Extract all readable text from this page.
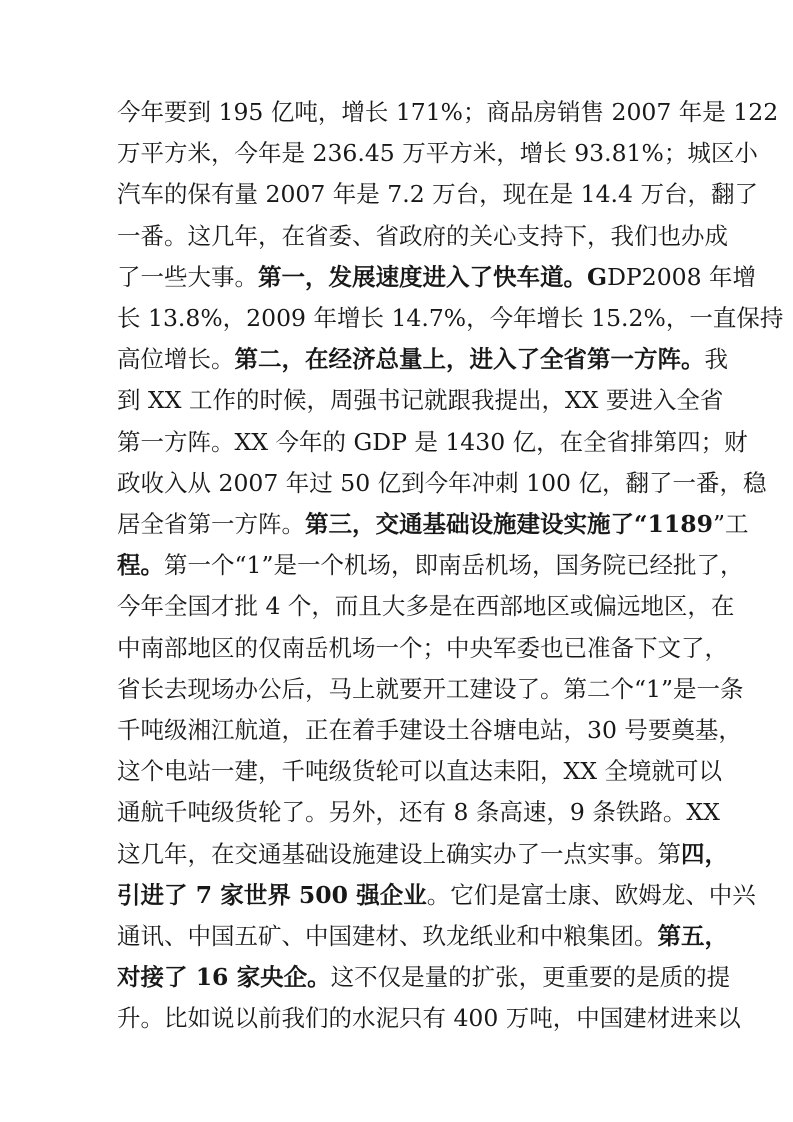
今 年 要 到
1 9 5
亿 吨 ， 增 长
1 7 1 % ； 商 品 房 销 售
2 0 0 7
年 是
1 2 2
万 平 方 米 ， 今 年 是
2 3 6 . 4 5
万 平 方 米 ， 增 长
9 3 . 8 1 % ； 城 区 小
汽 车 的 保 有 量
2 0 0 7
年 是
7 . 2
万 台 ， 现 在 是
1 4 . 4
万 台 ， 翻 了
一 番 。 这 几 年 ， 在 省 委 、 省 政 府 的 关 心 支 持 下 ， 我 们 也 办 成
了 一 些 大 事 。 第 一 ， 发 展 速 度 进 入 了 快 车 道 。 G D P 2 0 0 8
年 增
长
1 3 . 8 % ， 2 0 0 9
年 增 长
1 4 . 7 % ， 今 年 增 长
1 5 . 2 % ， 一 直 保 持
高 位 增 长 。 第 二 ， 在 经 济 总 量 上 ， 进 入 了 全 省 第 一 方 阵 。 我
到
X X
工 作 的 时 候 ， 周 强 书 记 就 跟 我 提 出 ， X X
要 进 入 全 省
第 一 方 阵 。 X X
今 年 的
G D P
是
1 4 3 0
亿 ， 在 全 省 排 第 四 ； 财
政 收 入 从
2 0 0 7
年 过
5 0
亿 到 今 年 冲 刺
1 0 0
亿 ， 翻 了 一 番 ， 稳
居 全 省 第 一 方 阵 。 第 三 ， 交 通 基 础 设 施 建 设 实 施 了 “ 1 1 8 9 ” 工
程 。 第 一 个 “ 1 ” 是 一 个 机 场 ， 即 南 岳 机 场 ， 国 务 院 已 经 批 了 ，
今 年 全 国 才 批
4
个 ， 而 且 大 多 是 在 西 部 地 区 或 偏 远 地 区 ， 在
中 南 部 地 区 的 仅 南 岳 机 场 一 个 ； 中 央 军 委 也 已 准 备 下 文 了 ，
省 长 去 现 场 办 公 后 ， 马 上 就 要 开 工 建 设 了 。 第 二 个 “ 1 ” 是 一 条
千 吨 级 湘 江 航 道 ， 正 在 着 手 建 设 土 谷 塘 电 站 ， 3 0
号 要 奠 基 ，
这 个 电 站 一 建 ， 千 吨 级 货 轮 可 以 直 达 耒 阳 ， X X
全 境 就 可 以
通 航 千 吨 级 货 轮 了 。 另 外 ， 还 有
8
条 高 速 ， 9
条 铁 路 。 X X
这 几 年 ， 在 交 通 基 础 设 施 建 设 上 确 实 办 了 一 点 实 事 。 第 四 ，
引 进 了
7
家 世 界
5 0 0
强 企 业 。 它 们 是 富 士 康 、 欧 姆 龙 、 中 兴
通 讯 、 中 国 五 矿 、 中 国 建 材 、 玖 龙 纸 业 和 中 粮 集 团 。 第 五 ，
对 接 了
1 6
家 央 企 。 这 不 仅 是 量 的 扩 张 ， 更 重 要 的 是 质 的 提
升。比如说以前我们的水泥只有 400 万吨，中国建材进来以
